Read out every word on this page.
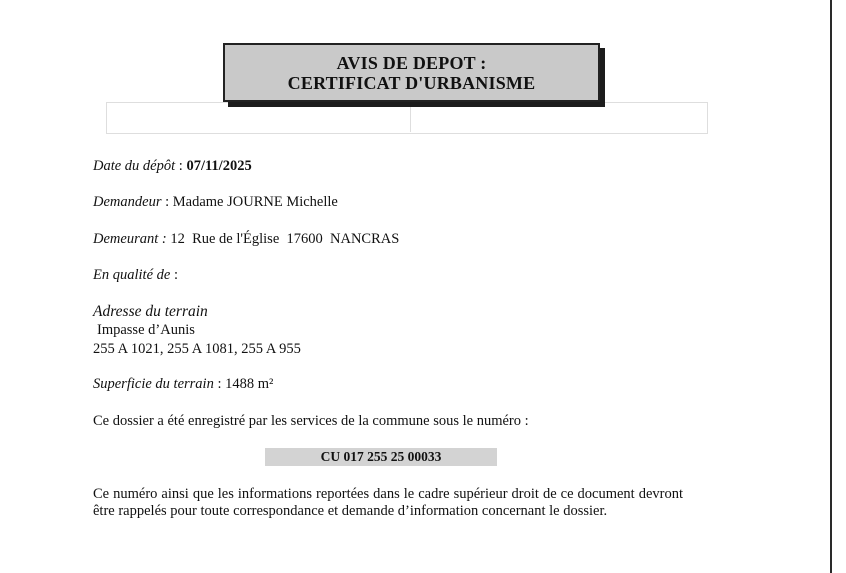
AVIS DE DEPOT :
CERTIFICAT D'URBANISME
Date du dépôt : 07/11/2025
Demandeur : Madame JOURNE Michelle
Demeurant : 12  Rue de l'Église  17600  NANCRAS
En qualité de :
Adresse du terrain
Impasse d’Aunis
255 A 1021, 255 A 1081, 255 A 955
Superficie du terrain : 1488 m²
Ce dossier a été enregistré par les services de la commune sous le numéro :
CU 017 255 25 00033
Ce numéro ainsi que les informations reportées dans le cadre supérieur droit de ce document devront être rappelés pour toute correspondance et demande d’information concernant le dossier.
